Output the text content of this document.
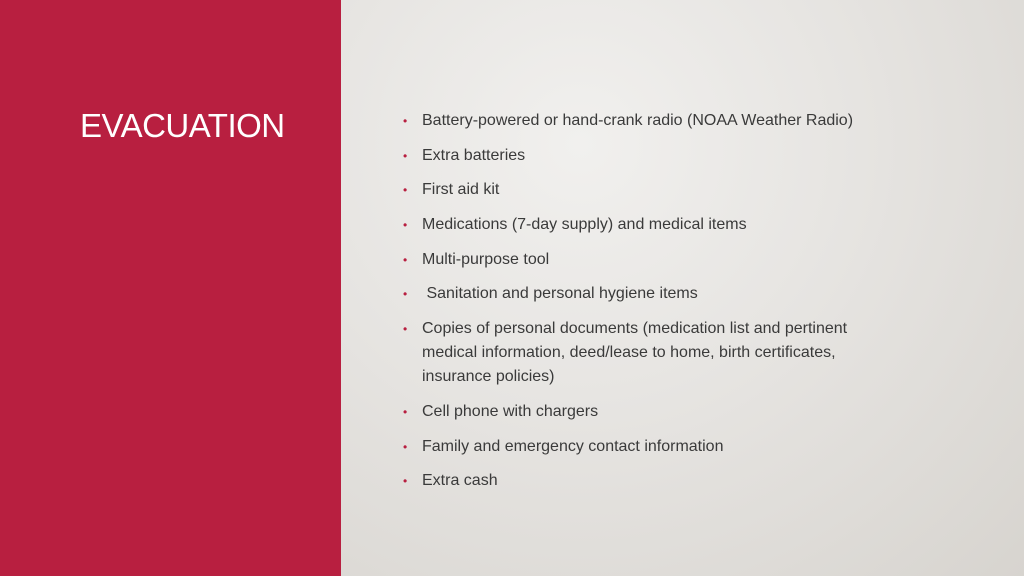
EVACUATION	• Battery-powered or hand-crank radio (NOAA Weather Radio)
• Extra batteries
• First aid kit
• Medications (7-day supply) and medical items
• Multi-purpose tool
• Sanitation and personal hygiene items
• Copies of personal documents (medication list and pertinent medical information, deed/lease to home, birth certificates, insurance policies)
• Cell phone with chargers
• Family and emergency contact information
• Extra cash
